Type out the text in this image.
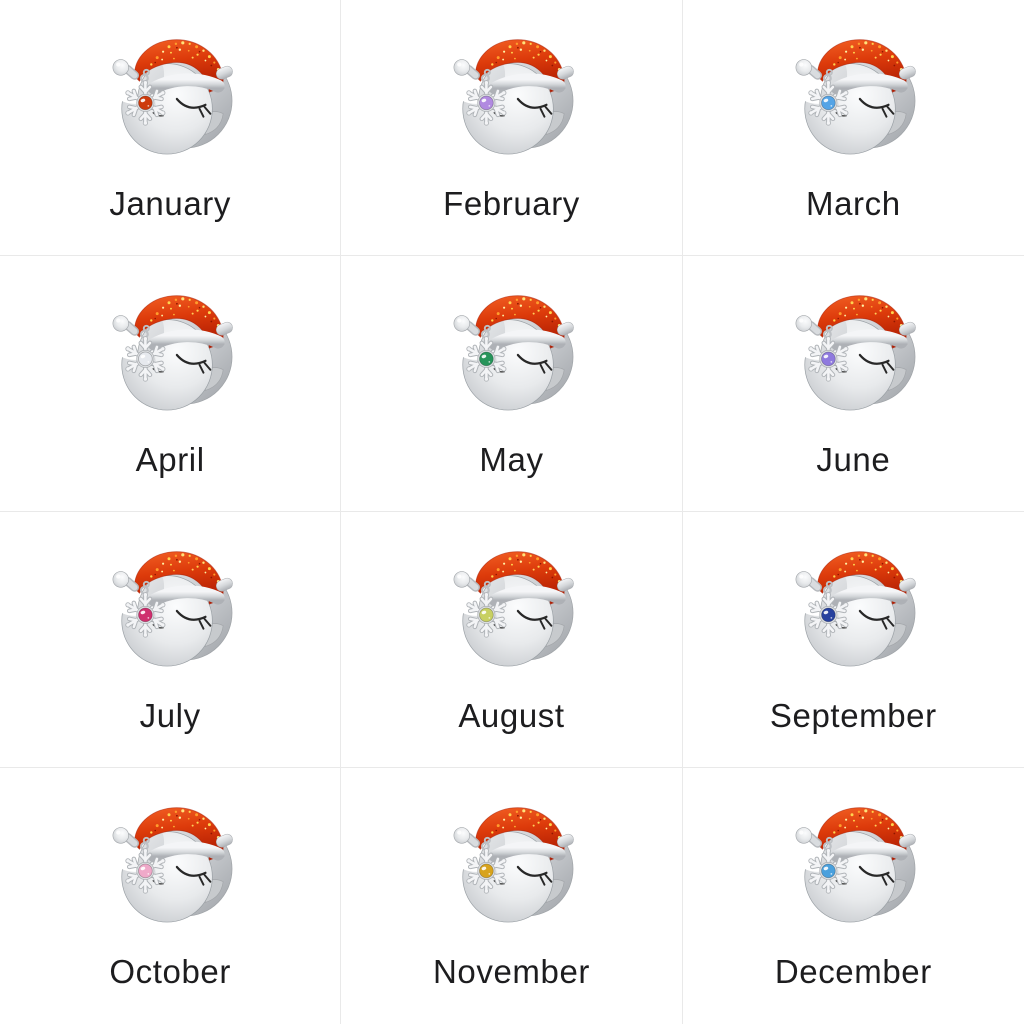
January	February	March
April	May	June
July	August	September
October	November	December
